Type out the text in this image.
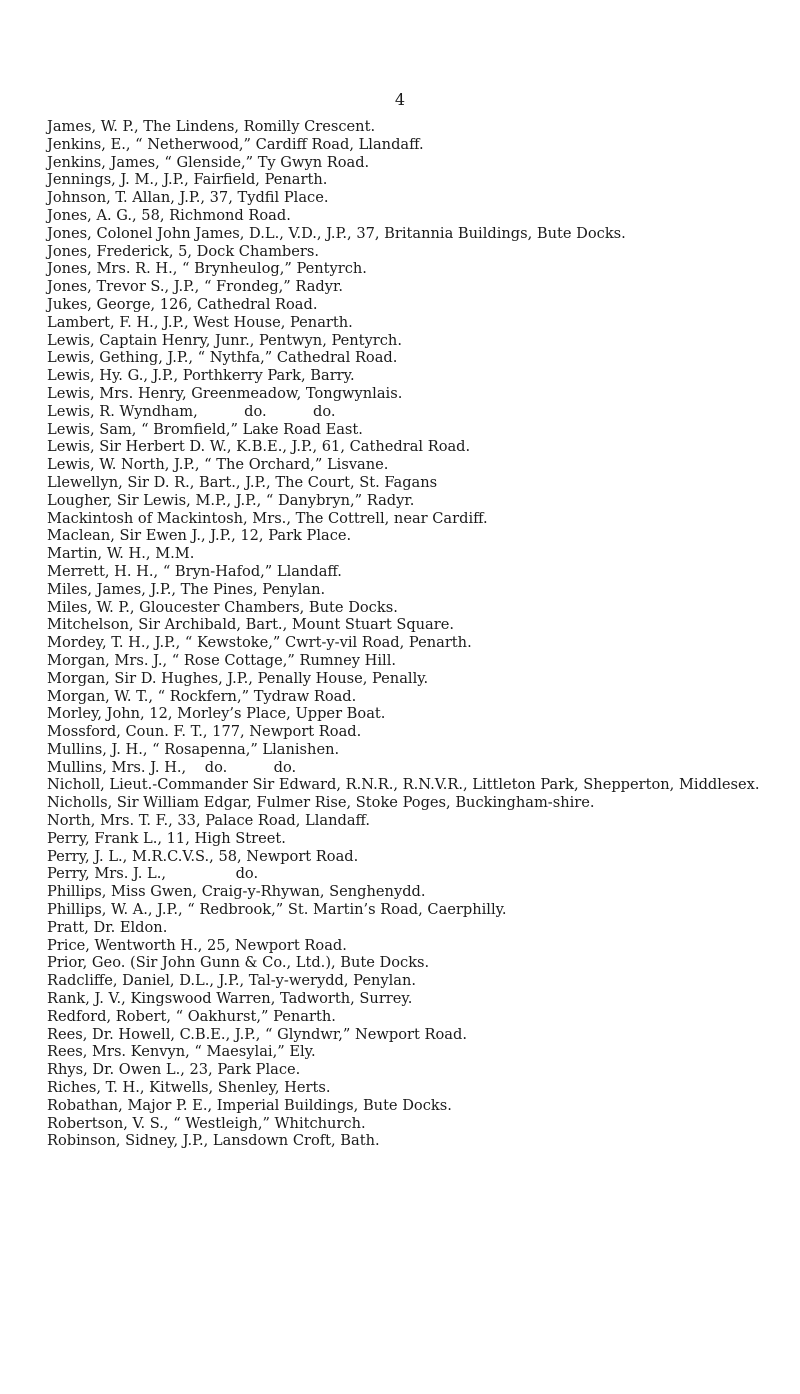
4
James, W. P., The Lindens, Romilly Crescent.
Jenkins, E., “ Netherwood,” Cardiff Road, Llandaff.
Jenkins, James, “ Glenside,” Ty Gwyn Road.
Jennings, J. M., J.P., Fairfield, Penarth.
Johnson, T. Allan, J.P., 37, Tydfil Place.
Jones, A. G., 58, Richmond Road.
Jones, Colonel John James, D.L., V.D., J.P., 37, Britannia Buildings, Bute Docks.
Jones, Frederick, 5, Dock Chambers.
Jones, Mrs. R. H., “ Brynheulog,” Pentyrch.
Jones, Trevor S., J.P., “ Frondeg,” Radyr.
Jukes, George, 126, Cathedral Road.
Lambert, F. H., J.P., West House, Penarth.
Lewis, Captain Henry, Junr., Pentwyn, Pentyrch.
Lewis, Gething, J.P., “ Nythfa,” Cathedral Road.
Lewis, Hy. G., J.P., Porthkerry Park, Barry.
Lewis, Mrs. Henry, Greenmeadow, Tongwynlais.
Lewis, R. Wyndham,          do.          do.
Lewis, Sam, “ Bromfield,” Lake Road East.
Lewis, Sir Herbert D. W., K.B.E., J.P., 61, Cathedral Road.
Lewis, W. North, J.P., “ The Orchard,” Lisvane.
Llewellyn, Sir D. R., Bart., J.P., The Court, St. Fagans
Lougher, Sir Lewis, M.P., J.P., “ Danybryn,” Radyr.
Mackintosh of Mackintosh, Mrs., The Cottrell, near Cardiff.
Maclean, Sir Ewen J., J.P., 12, Park Place.
Martin, W. H., M.M.
Merrett, H. H., “ Bryn-Hafod,” Llandaff.
Miles, James, J.P., The Pines, Penylan.
Miles, W. P., Gloucester Chambers, Bute Docks.
Mitchelson, Sir Archibald, Bart., Mount Stuart Square.
Mordey, T. H., J.P., “ Kewstoke,” Cwrt-y-vil Road, Penarth.
Morgan, Mrs. J., “ Rose Cottage,” Rumney Hill.
Morgan, Sir D. Hughes, J.P., Penally House, Penally.
Morgan, W. T., “ Rockfern,” Tydraw Road.
Morley, John, 12, Morley’s Place, Upper Boat.
Mossford, Coun. F. T., 177, Newport Road.
Mullins, J. H., “ Rosapenna,” Llanishen.
Mullins, Mrs. J. H.,    do.          do.
Nicholl, Lieut.-Commander Sir Edward, R.N.R., R.N.V.R., Littleton Park, Shepperton, Middlesex.
Nicholls, Sir William Edgar, Fulmer Rise, Stoke Poges, Buckingham-shire.
North, Mrs. T. F., 33, Palace Road, Llandaff.
Perry, Frank L., 11, High Street.
Perry, J. L., M.R.C.V.S., 58, Newport Road.
Perry, Mrs. J. L.,               do.
Phillips, Miss Gwen, Craig-y-Rhywan, Senghenydd.
Phillips, W. A., J.P., “ Redbrook,” St. Martin’s Road, Caerphilly.
Pratt, Dr. Eldon.
Price, Wentworth H., 25, Newport Road.
Prior, Geo. (Sir John Gunn & Co., Ltd.), Bute Docks.
Radcliffe, Daniel, D.L., J.P., Tal-y-werydd, Penylan.
Rank, J. V., Kingswood Warren, Tadworth, Surrey.
Redford, Robert, “ Oakhurst,” Penarth.
Rees, Dr. Howell, C.B.E., J.P., “ Glyndwr,” Newport Road.
Rees, Mrs. Kenvyn, “ Maesylai,” Ely.
Rhys, Dr. Owen L., 23, Park Place.
Riches, T. H., Kitwells, Shenley, Herts.
Robathan, Major P. E., Imperial Buildings, Bute Docks.
Robertson, V. S., “ Westleigh,” Whitchurch.
Robinson, Sidney, J.P., Lansdown Croft, Bath.
